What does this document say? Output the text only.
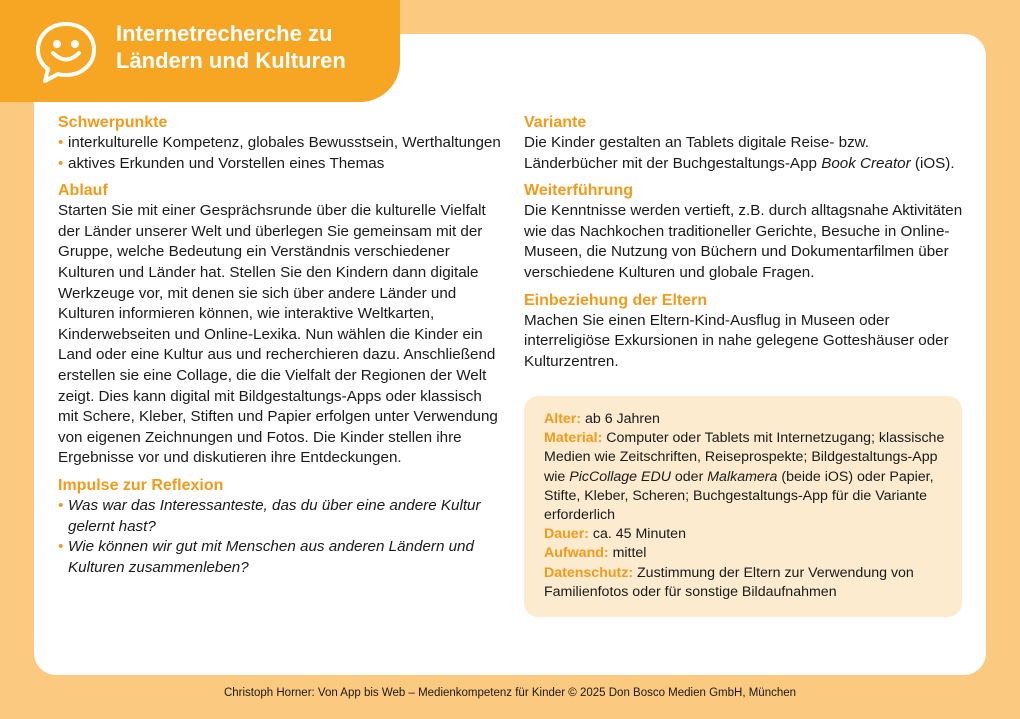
Internetrecherche zu
Ländern und Kulturen
Schwerpunkte
• interkulturelle Kompetenz, globales Bewusstsein, Werthaltungen
• aktives Erkunden und Vorstellen eines Themas
Ablauf

Starten Sie mit einer Gesprächsrunde über die kulturelle Vielfalt der Länder unserer Welt und überlegen Sie gemeinsam mit der Gruppe, welche Bedeutung ein Verständnis verschiedener Kulturen und Länder hat. Stellen Sie den Kindern dann digitale Werkzeuge vor, mit denen sie sich über andere Länder und Kulturen informieren können, wie interaktive Weltkarten, Kinderwebseiten und Online-Lexika. Nun wählen die Kinder ein Land oder eine Kultur aus und recherchieren dazu. Anschließend erstellen sie eine Collage, die die Vielfalt der Regionen der Welt zeigt. Dies kann digital mit Bildgestaltungs-Apps oder klassisch mit Schere, Kleber, Stiften und Papier erfolgen unter Verwendung von eigenen Zeichnungen und Fotos. Die Kinder stellen ihre Ergebnisse vor und diskutieren ihre Entdeckungen.

Impulse zur Reflexion
• Was war das Interessanteste, das du über eine andere Kultur gelernt hast?
• Wie können wir gut mit Menschen aus anderen Ländern und Kulturen zusammenleben?
Variante

Die Kinder gestalten an Tablets digitale Reise- bzw. Länderbücher mit der Buchgestaltungs-App Book Creator (iOS).

Weiterführung

Die Kenntnisse werden vertieft, z.B. durch alltagsnahe Aktivitäten wie das Nachkochen traditioneller Gerichte, Besuche in Online-Museen, die Nutzung von Büchern und Dokumentarfilmen über verschiedene Kulturen und globale Fragen.

Einbeziehung der Eltern

Machen Sie einen Eltern-Kind-Ausflug in Museen oder interreligiöse Exkursionen in nahe gelegene Gotteshäuser oder Kulturzentren.

Alter: ab 6 Jahren
Material: Computer oder Tablets mit Internetzugang; klassische Medien wie Zeitschriften, Reiseprospekte; Bildgestaltungs-App wie PicCollage EDU oder Malkamera (beide iOS) oder Papier, Stifte, Kleber, Scheren; Buchgestaltungs-App für die Variante erforderlich
Dauer: ca. 45 Minuten
Aufwand: mittel
Datenschutz: Zustimmung der Eltern zur Verwendung von Familienfotos oder für sonstige Bildaufnahmen
Christoph Horner: Von App bis Web – Medienkompetenz für Kinder © 2025 Don Bosco Medien GmbH, München
